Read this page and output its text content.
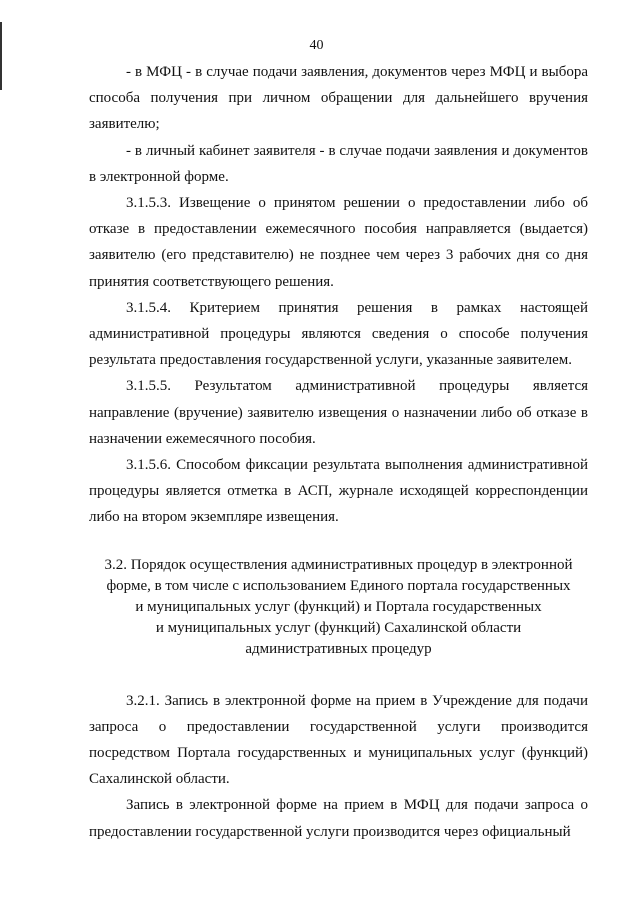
40

- в МФЦ - в случае подачи заявления, документов через МФЦ и выбора способа получения при личном обращении для дальнейшего вручения заявителю;

- в личный кабинет заявителя - в случае подачи заявления и документов в электронной форме.

3.1.5.3. Извещение о принятом решении о предоставлении либо об отказе в предоставлении ежемесячного пособия направляется (выдается) заявителю (его представителю) не позднее чем через 3 рабочих дня со дня принятия соответствующего решения.

3.1.5.4. Критерием принятия решения в рамках настоящей административной процедуры являются сведения о способе получения результата предоставления государственной услуги, указанные заявителем.

3.1.5.5. Результатом административной процедуры является направление (вручение) заявителю извещения о назначении либо об отказе в назначении ежемесячного пособия.

3.1.5.6. Способом фиксации результата выполнения административной процедуры является отметка в АСП, журнале исходящей корреспонденции либо на втором экземпляре извещения.

3.2. Порядок осуществления административных процедур в электронной
форме, в том числе с использованием Единого портала государственных
и муниципальных услуг (функций) и Портала государственных
и муниципальных услуг (функций) Сахалинской области
административных процедур

3.2.1. Запись в электронной форме на прием в Учреждение для подачи запроса о предоставлении государственной услуги производится посредством Портала государственных и муниципальных услуг (функций) Сахалинской области.

Запись в электронной форме на прием в МФЦ для подачи запроса о предоставлении государственной услуги производится через официальный
